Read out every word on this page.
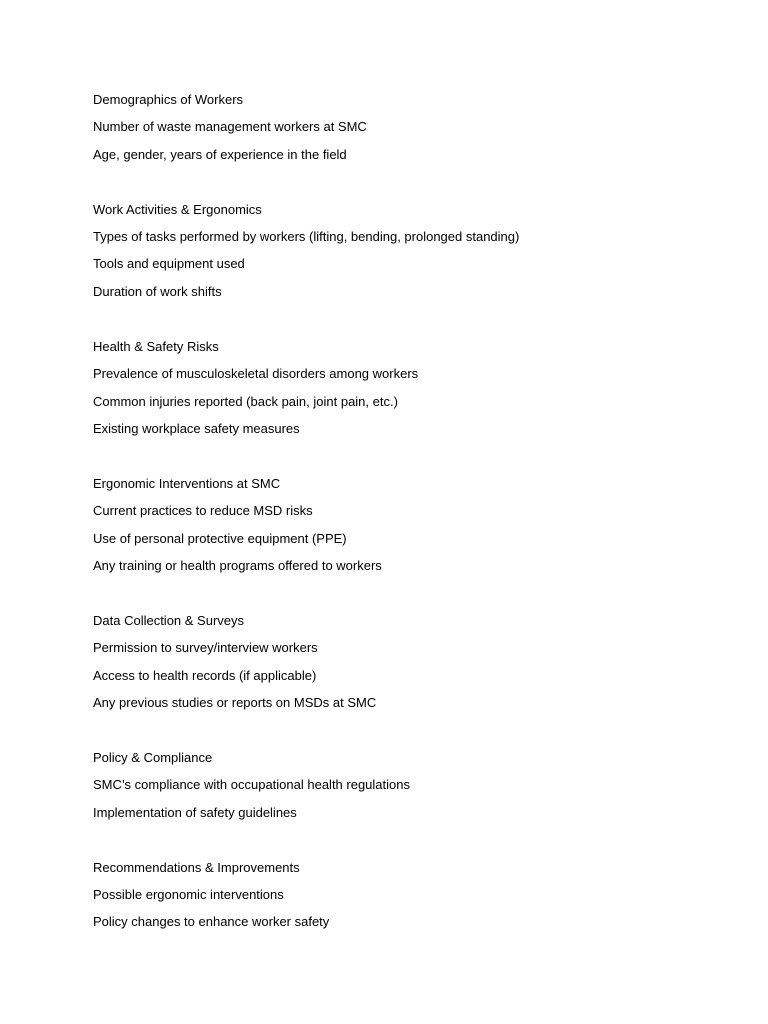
Demographics of Workers
Number of waste management workers at SMC
Age, gender, years of experience in the field
Work Activities & Ergonomics
Types of tasks performed by workers (lifting, bending, prolonged standing)
Tools and equipment used
Duration of work shifts
Health & Safety Risks
Prevalence of musculoskeletal disorders among workers
Common injuries reported (back pain, joint pain, etc.)
Existing workplace safety measures
Ergonomic Interventions at SMC
Current practices to reduce MSD risks
Use of personal protective equipment (PPE)
Any training or health programs offered to workers
Data Collection & Surveys
Permission to survey/interview workers
Access to health records (if applicable)
Any previous studies or reports on MSDs at SMC
Policy & Compliance
SMC’s compliance with occupational health regulations
Implementation of safety guidelines
Recommendations & Improvements
Possible ergonomic interventions
Policy changes to enhance worker safety
